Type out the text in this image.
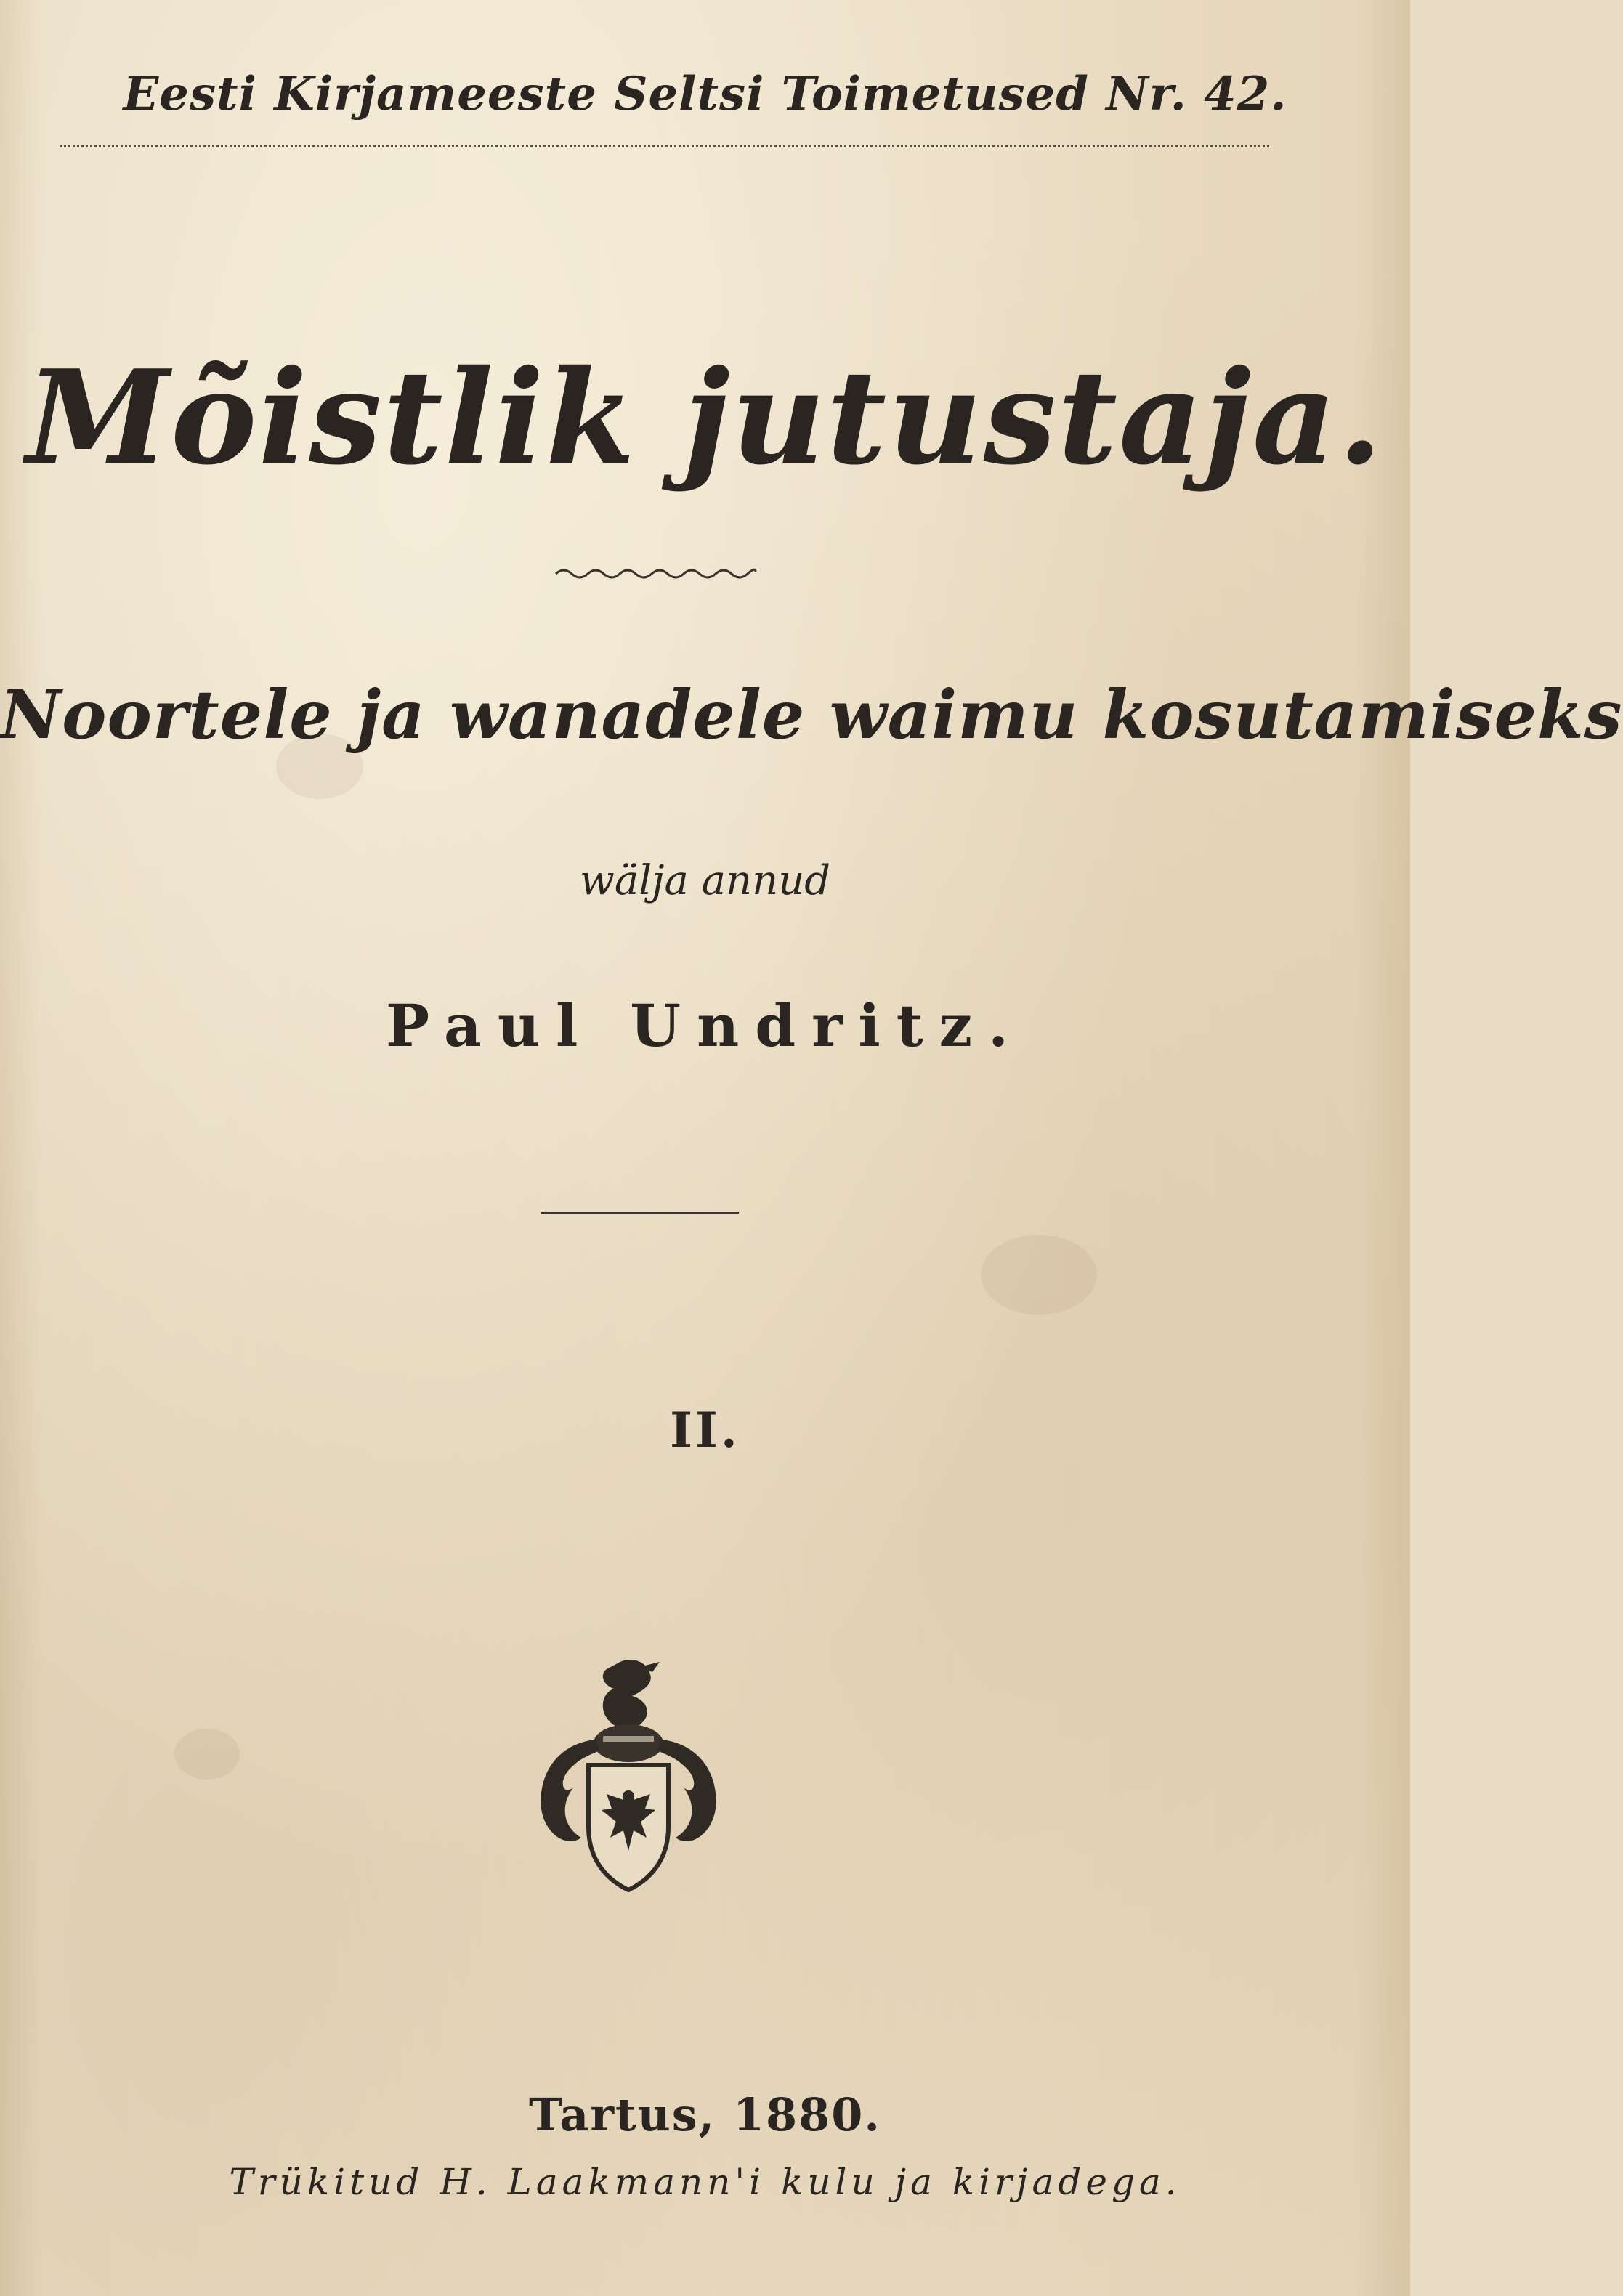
Eesti Kirjameeste Seltsi Toimetused Nr. 42.
Mõistlik jutustaja.
Noortele ja wanadele waimu kosutamiseks
wälja annud
Paul Undritz.
II.
Tartus, 1880.
Trükitud H. Laakmann'i kulu ja kirjadega.
